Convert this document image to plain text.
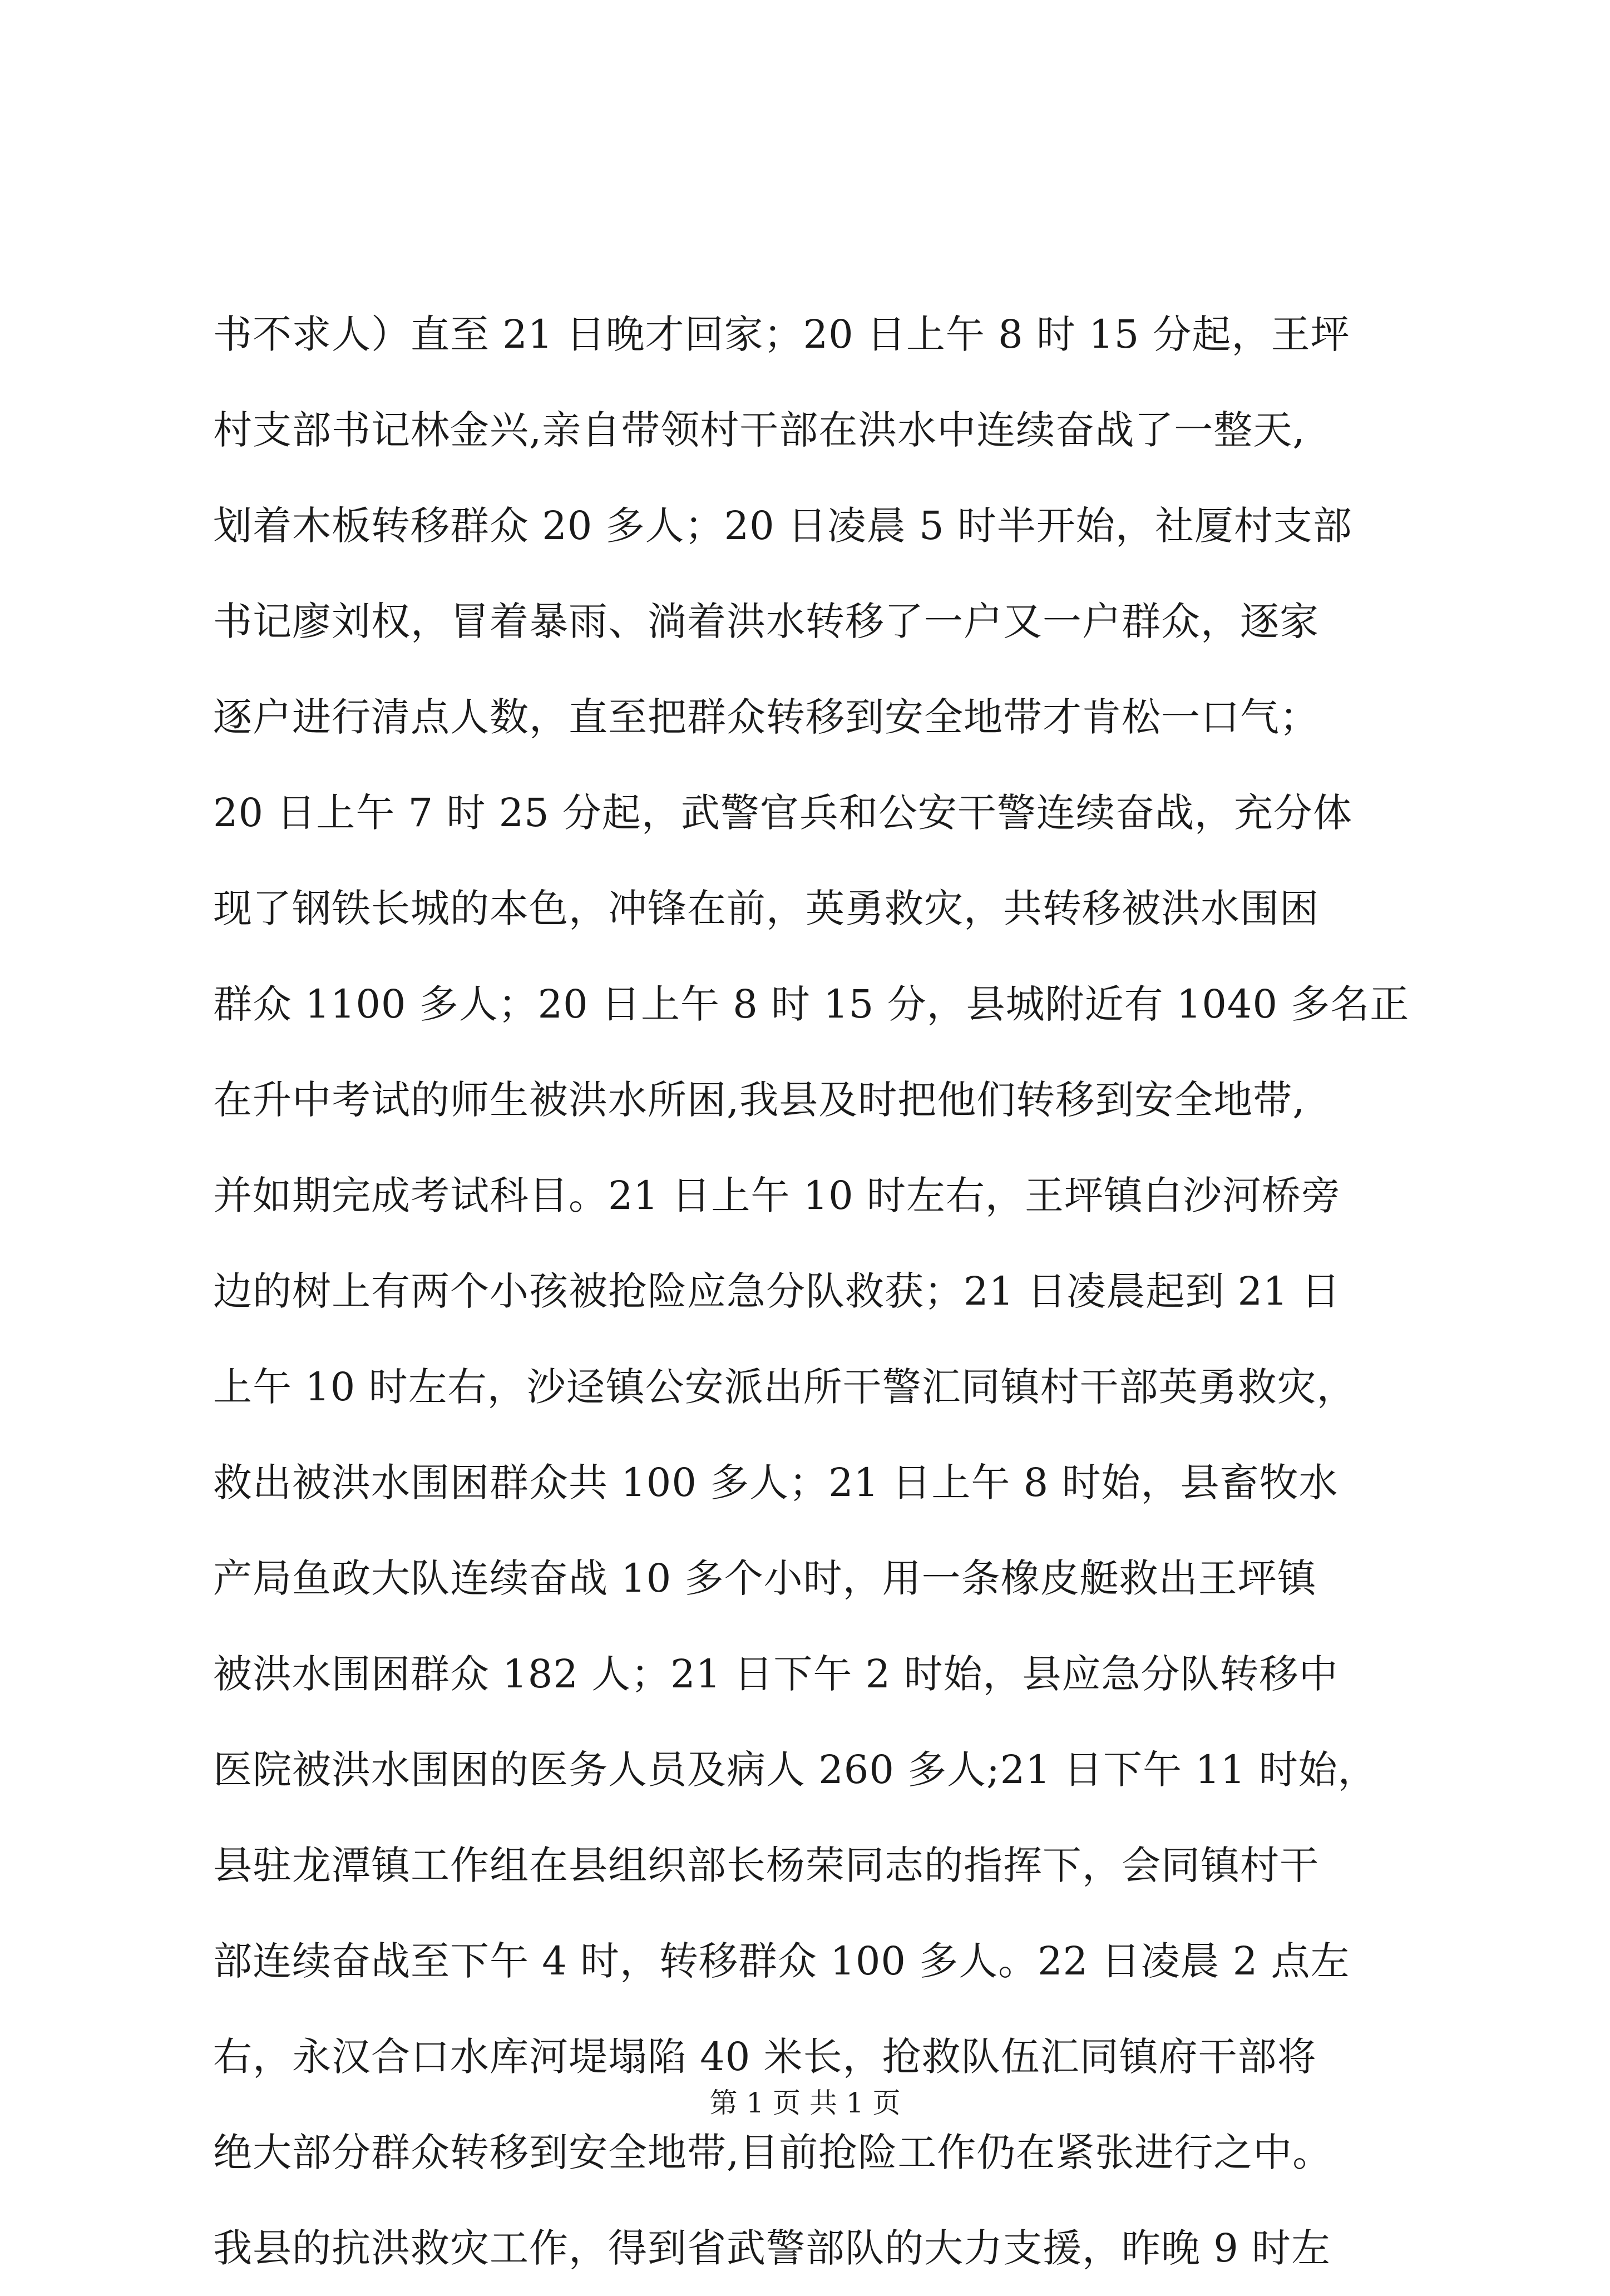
书不求人）直至 21 日晚才回家；20 日上午 8 时 15 分起，王坪
村支部书记林金兴,亲自带领村干部在洪水中连续奋战了一整天,
划着木板转移群众 20 多人；20 日凌晨 5 时半开始，社厦村支部
书记廖刘权，冒着暴雨、淌着洪水转移了一户又一户群众，逐家
逐户进行清点人数，直至把群众转移到安全地带才肯松一口气；
20 日上午 7 时 25 分起，武警官兵和公安干警连续奋战，充分体
现了钢铁长城的本色，冲锋在前，英勇救灾，共转移被洪水围困
群众 1100 多人；20 日上午 8 时 15 分，县城附近有 1040 多名正
在升中考试的师生被洪水所困,我县及时把他们转移到安全地带,
并如期完成考试科目。21 日上午 10 时左右，王坪镇白沙河桥旁
边的树上有两个小孩被抢险应急分队救获；21 日凌晨起到 21 日
上午 10 时左右，沙迳镇公安派出所干警汇同镇村干部英勇救灾，
救出被洪水围困群众共 100 多人；21 日上午 8 时始，县畜牧水
产局鱼政大队连续奋战 10 多个小时，用一条橡皮艇救出王坪镇
被洪水围困群众 182 人；21 日下午 2 时始，县应急分队转移中
医院被洪水围困的医务人员及病人 260 多人;21 日下午 11 时始，
县驻龙潭镇工作组在县组织部长杨荣同志的指挥下，会同镇村干
部连续奋战至下午 4 时，转移群众 100 多人。22 日凌晨 2 点左
右，永汉合口水库河堤塌陷 40 米长，抢救队伍汇同镇府干部将
绝大部分群众转移到安全地带,目前抢险工作仍在紧张进行之中。
我县的抗洪救灾工作，得到省武警部队的大力支援，昨晚 9 时左
第 1 页 共 1 页
